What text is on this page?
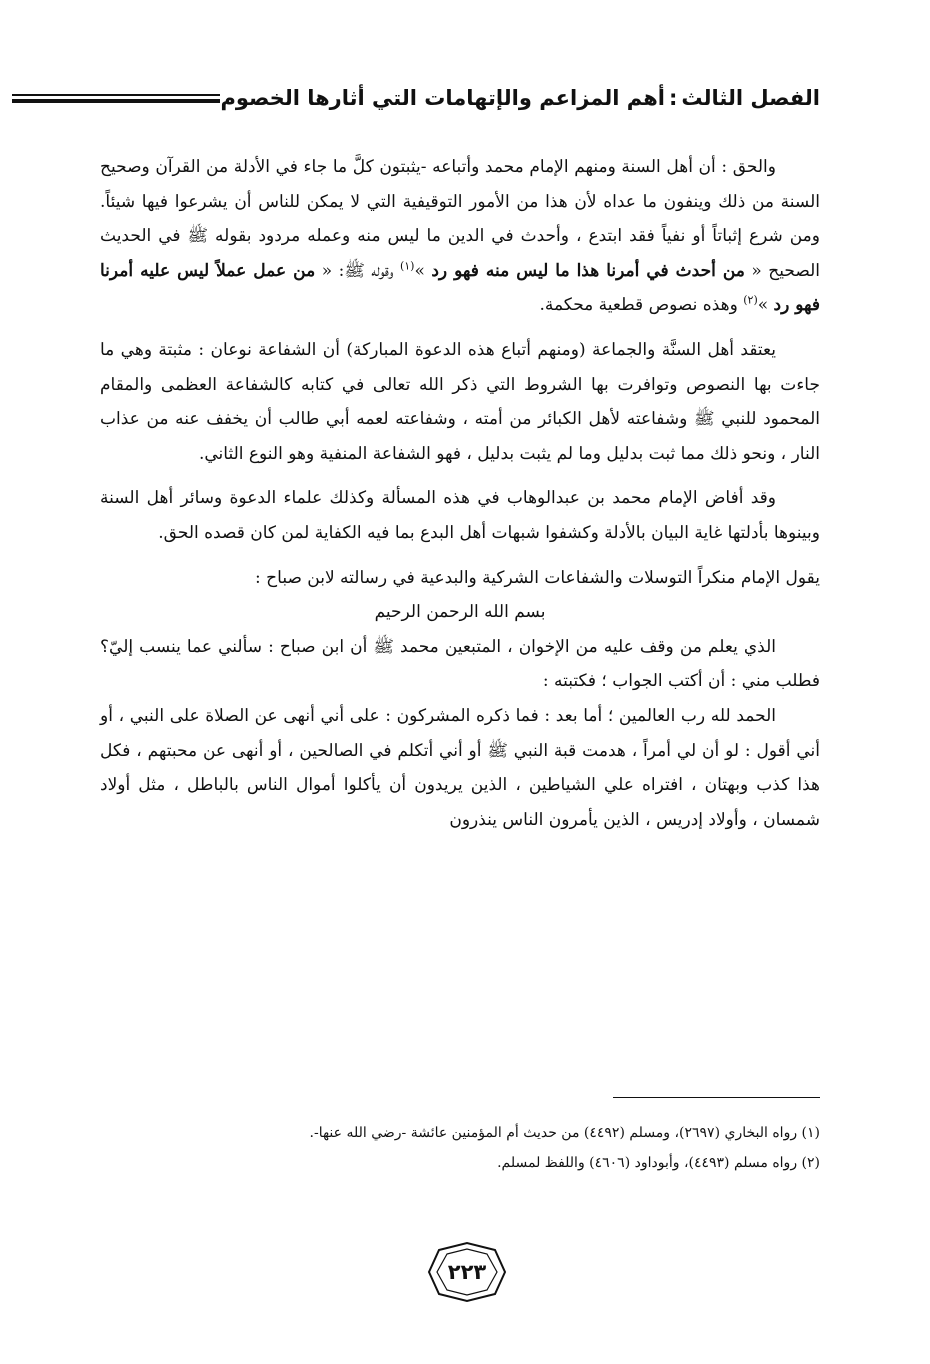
الفصل الثالث:أهم المزاعم والإتهامات التي أثارها الخصوم

والحق : أن أهل السنة ومنهم الإمام محمد وأتباعه -يثبتون كلَّ ما جاء في الأدلة من القرآن وصحيح السنة من ذلك وينفون ما عداه لأن هذا من الأمور التوقيفية التي لا يمكن للناس أن يشرعوا فيها شيئاً. ومن شرع إثباتاً أو نفياً فقد ابتدع ، وأحدث في الدين ما ليس منه وعمله مردود بقوله ﷺ في الحديث الصحيح « من أحدث في أمرنا هذا ما ليس منه فهو رد »$^{(١)}$ وقوله ﷺ: « من عمل عملاً ليس عليه أمرنا فهو رد »$^{(٢)}$ وهذه نصوص قطعية محكمة.

يعتقد أهل السنَّة والجماعة (ومنهم أتباع هذه الدعوة المباركة) أن الشفاعة نوعان : مثبتة وهي ما جاءت بها النصوص وتوافرت بها الشروط التي ذكر الله تعالى في كتابه كالشفاعة العظمى والمقام المحمود للنبي ﷺ وشفاعته لأهل الكبائر من أمته ، وشفاعته لعمه أبي طالب أن يخفف عنه من عذاب النار ، ونحو ذلك مما ثبت بدليل وما لم يثبت بدليل ، فهو الشفاعة المنفية وهو النوع الثاني.

وقد أفاض الإمام محمد بن عبدالوهاب في هذه المسألة وكذلك علماء الدعوة وسائر أهل السنة وبينوها بأدلتها غاية البيان بالأدلة وكشفوا شبهات أهل البدع بما فيه الكفاية لمن كان قصده الحق.

يقول الإمام منكراً التوسلات والشفاعات الشركية والبدعية في رسالته لابن صباح :

بسم الله الرحمن الرحيم

الذي يعلم من وقف عليه من الإخوان ، المتبعين محمد ﷺ أن ابن صباح : سألني عما ينسب إليّ؟ فطلب مني : أن أكتب الجواب ؛ فكتبته :

الحمد لله رب العالمين ؛ أما بعد : فما ذكره المشركون : على أني أنهى عن الصلاة على النبي ، أو أني أقول : لو أن لي أمراً ، هدمت قبة النبي ﷺ أو أني أتكلم في الصالحين ، أو أنهى عن محبتهم ، فكل هذا كذب وبهتان ، افتراه علي الشياطين ، الذين يريدون أن يأكلوا أموال الناس بالباطل ، مثل أولاد شمسان ، وأولاد إدريس ، الذين يأمرون الناس ينذرون

(١) رواه البخاري (٢٦٩٧)، ومسلم (٤٤٩٢) من حديث أم المؤمنين عائشة -رضي الله عنها-.

(٢) رواه مسلم (٤٤٩٣)، وأبوداود (٤٦٠٦) واللفظ لمسلم.

٢٢٣
